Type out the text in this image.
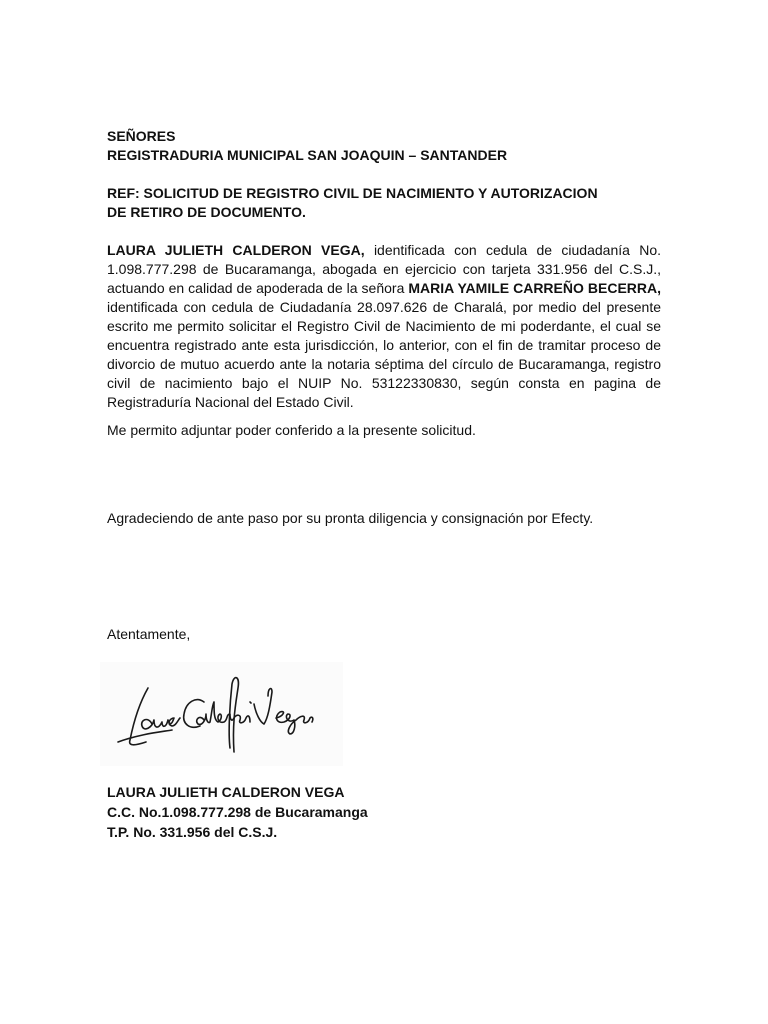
SEÑORES
REGISTRADURIA MUNICIPAL SAN JOAQUIN – SANTANDER
REF: SOLICITUD DE REGISTRO CIVIL DE NACIMIENTO Y AUTORIZACION
DE RETIRO DE DOCUMENTO.
LAURA JULIETH CALDERON VEGA, identificada con cedula de ciudadanía No. 1.098.777.298 de Bucaramanga, abogada en ejercicio con tarjeta 331.956 del C.S.J., actuando en calidad de apoderada de la señora MARIA YAMILE CARREÑO BECERRA, identificada con cedula de Ciudadanía 28.097.626 de Charalá, por medio del presente escrito me permito solicitar el Registro Civil de Nacimiento de mi poderdante, el cual se encuentra registrado ante esta jurisdicción, lo anterior, con el fin de tramitar proceso de divorcio de mutuo acuerdo ante la notaria séptima del círculo de Bucaramanga, registro civil de nacimiento bajo el NUIP No. 53122330830, según consta en pagina de Registraduría Nacional del Estado Civil.
Me permito adjuntar poder conferido a la presente solicitud.
Agradeciendo de ante paso por su pronta diligencia y consignación por Efecty.
Atentamente,
LAURA JULIETH CALDERON VEGA
C.C. No.1.098.777.298 de Bucaramanga
T.P. No. 331.956 del C.S.J.
